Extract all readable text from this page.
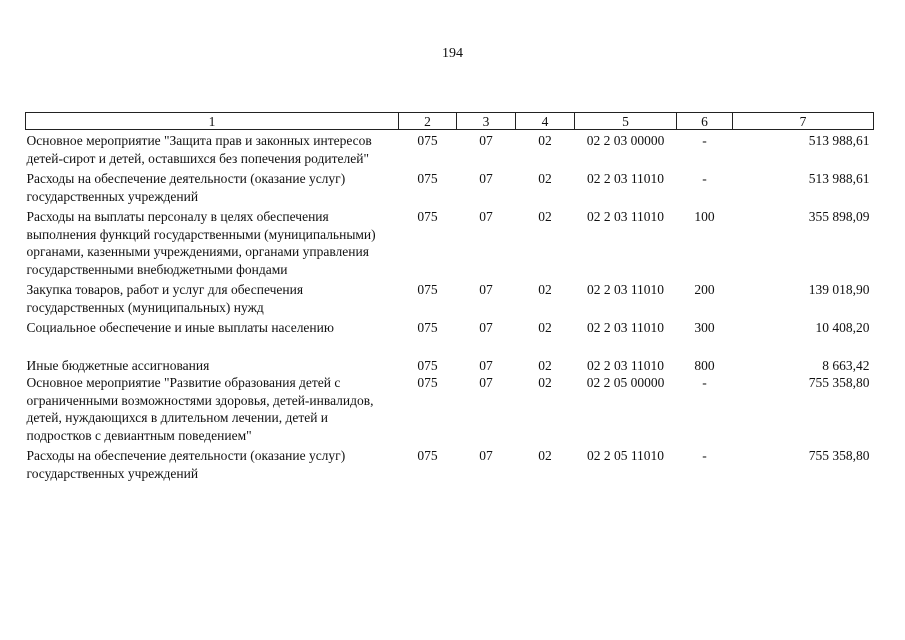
194
1	2	3	4	5	6	7
Основное мероприятие "Защита прав и законных интересов детей-сирот и детей, оставшихся без попечения родителей"	075	07	02	02 2 03 00000	-	513 988,61
Расходы на обеспечение деятельности (оказание услуг) государственных учреждений	075	07	02	02 2 03 11010	-	513 988,61
Расходы на выплаты персоналу в целях обеспечения выполнения функций государственными (муниципальными) органами, казенными учреждениями, органами управления государственными внебюджетными фондами	075	07	02	02 2 03 11010	100	355 898,09
Закупка товаров, работ и услуг для обеспечения государственных (муниципальных) нужд	075	07	02	02 2 03 11010	200	139 018,90
Социальное обеспечение и иные выплаты населению	075	07	02	02 2 03 11010	300	10 408,20
Иные бюджетные ассигнования	075	07	02	02 2 03 11010	800	8 663,42
Основное мероприятие "Развитие образования детей с ограниченными возможностями здоровья, детей-инвалидов, детей, нуждающихся в длительном лечении, детей и подростков с девиантным поведением"	075	07	02	02 2 05 00000	-	755 358,80
Расходы на обеспечение деятельности (оказание услуг) государственных учреждений	075	07	02	02 2 05 11010	-	755 358,80
